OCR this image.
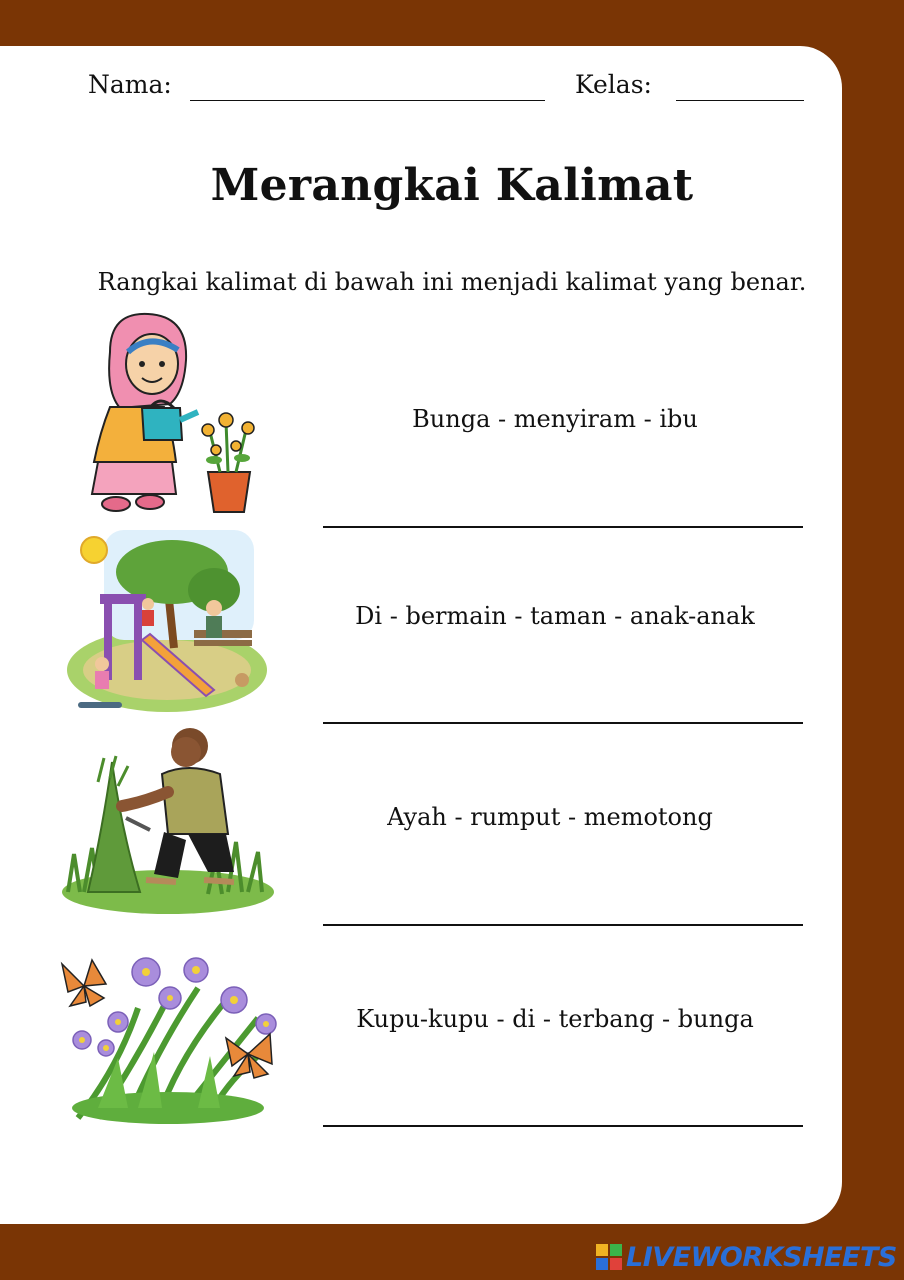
Nama:	Kelas:
Merangkai Kalimat
Rangkai kalimat di bawah ini menjadi kalimat yang benar.
Bunga - menyiram - ibu
Di - bermain - taman - anak-anak
Ayah - rumput - memotong
Kupu-kupu - di - terbang - bunga
LIVEWORKSHEETS
